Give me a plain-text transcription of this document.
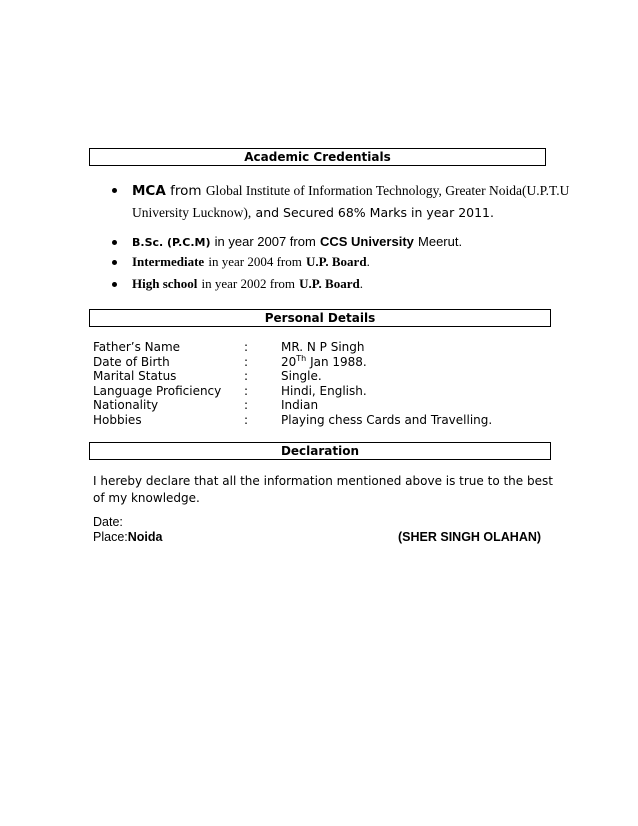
Academic Credentials
MCA from Global Institute of Information Technology, Greater Noida(U.P.T.U
University Lucknow), and Secured 68% Marks in year 2011.
B.Sc. (P.C.M) in year 2007 from CCS University Meerut.
Intermediate in year 2004 from U.P. Board.
High school in year 2002 from U.P. Board.
Personal Details
Father’s Name	:	MR. N P Singh
Date of Birth	:	20Th Jan 1988.
Marital Status	:	Single.
Language Proficiency :	Hindi, English.
Nationality	:	Indian
Hobbies	:	Playing chess Cards and Travelling.
Declaration
I hereby declare that all the information mentioned above is true to the best of my knowledge.
Date:
Place:Noida	(SHER SINGH OLAHAN)
